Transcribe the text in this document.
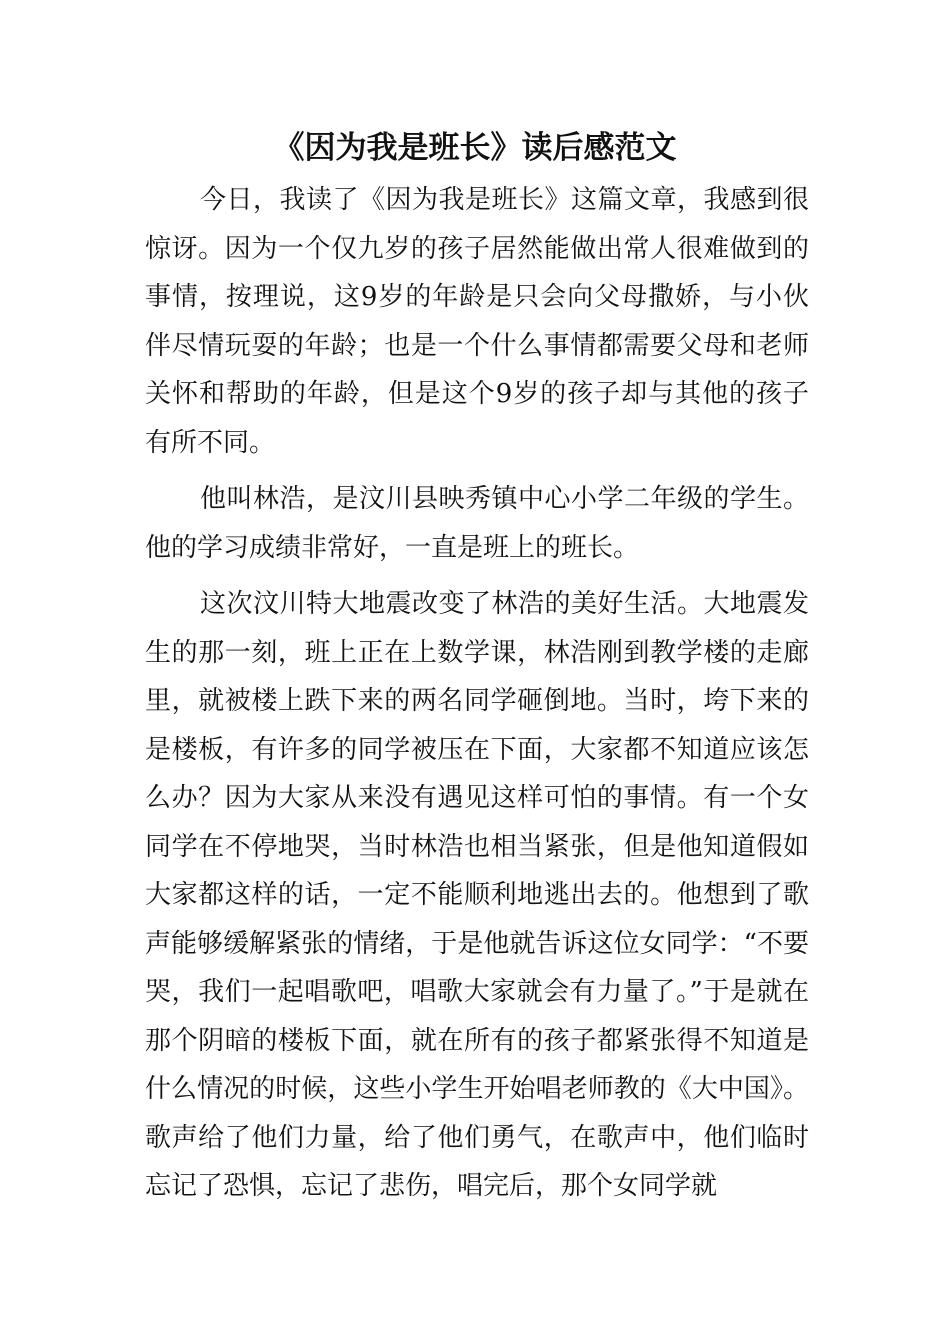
《因为我是班长》读后感范文

今日，我读了《因为我是班长》这篇文章，我感到很惊讶。因为一个仅九岁的孩子居然能做出常人很难做到的事情，按理说，这9岁的年龄是只会向父母撒娇，与小伙伴尽情玩耍的年龄；也是一个什么事情都需要父母和老师关怀和帮助的年龄，但是这个9岁的孩子却与其他的孩子有所不同。

他叫林浩，是汶川县映秀镇中心小学二年级的学生。他的学习成绩非常好，一直是班上的班长。

这次汶川特大地震改变了林浩的美好生活。大地震发生的那一刻，班上正在上数学课，林浩刚到教学楼的走廊里，就被楼上跌下来的两名同学砸倒地。当时，垮下来的是楼板，有许多的同学被压在下面，大家都不知道应该怎么办？因为大家从来没有遇见这样可怕的事情。有一个女同学在不停地哭，当时林浩也相当紧张，但是他知道假如大家都这样的话，一定不能顺利地逃出去的。他想到了歌声能够缓解紧张的情绪，于是他就告诉这位女同学：“不要哭，我们一起唱歌吧，唱歌大家就会有力量了。”于是就在那个阴暗的楼板下面，就在所有的孩子都紧张得不知道是什么情况的时候，这些小学生开始唱老师教的《大中国》。歌声给了他们力量，给了他们勇气，在歌声中，他们临时忘记了恐惧，忘记了悲伤，唱完后，那个女同学就
